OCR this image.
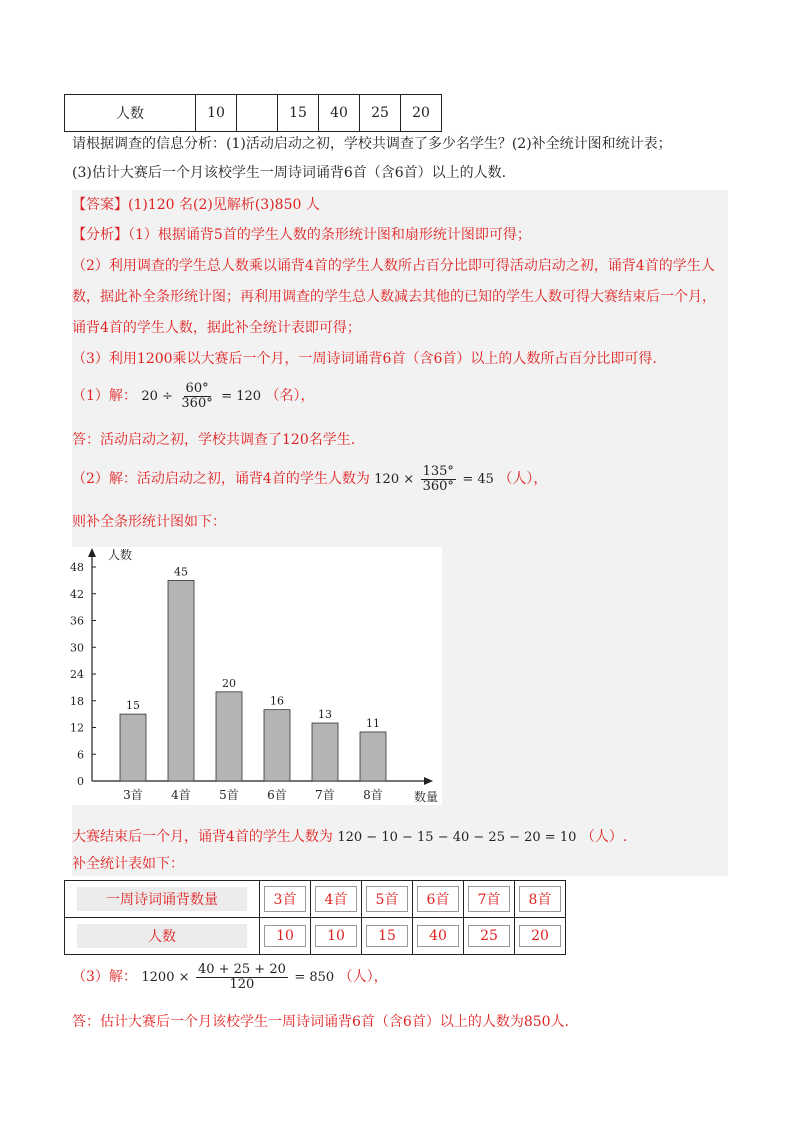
人数	10		15	40	25	20
请根据调查的信息分析：(1)活动启动之初，学校共调查了多少名学生？(2)补全统计图和统计表；
(3)估计大赛后一个月该校学生一周诗词诵背6首（含6首）以上的人数.
【答案】(1)120 名(2)见解析(3)850 人
【分析】（1）根据诵背5首的学生人数的条形统计图和扇形统计图即可得；
（2）利用调查的学生总人数乘以诵背4首的学生人数所占百分比即可得活动启动之初，诵背4首的学生人
数，据此补全条形统计图；再利用调查的学生总人数减去其他的已知的学生人数可得大赛结束后一个月，
诵背4首的学生人数，据此补全统计表即可得；
（3）利用1200乘以大赛后一个月，一周诗词诵背6首（含6首）以上的人数所占百分比即可得.
（1）解： $20 \div \frac{60^\circ}{360^\circ} = 120$ （名），
答：活动启动之初，学校共调查了120名学生.
（2）解：活动启动之初，诵背4首的学生人数为 $120 \times \frac{135^\circ}{360^\circ} = 45$ （人），
则补全条形统计图如下：
人数
0
6
12
18
24
30
36
42
48
15
3首
45
4首
20
5首
16
6首
13
7首
11
8首	数量
大赛结束后一个月，诵背4首的学生人数为 120 − 10 − 15 − 40 − 25 − 20 = 10 （人）.
补全统计表如下：
一周诗词诵背数量	3首	4首	5首	6首	7首	8首
人数	10	10	15	40	25	20
（3）解： $1200 \times \frac{40 + 25 + 20}{120} = 850$ （人），
答：估计大赛后一个月该校学生一周诗词诵背6首（含6首）以上的人数为850人.
